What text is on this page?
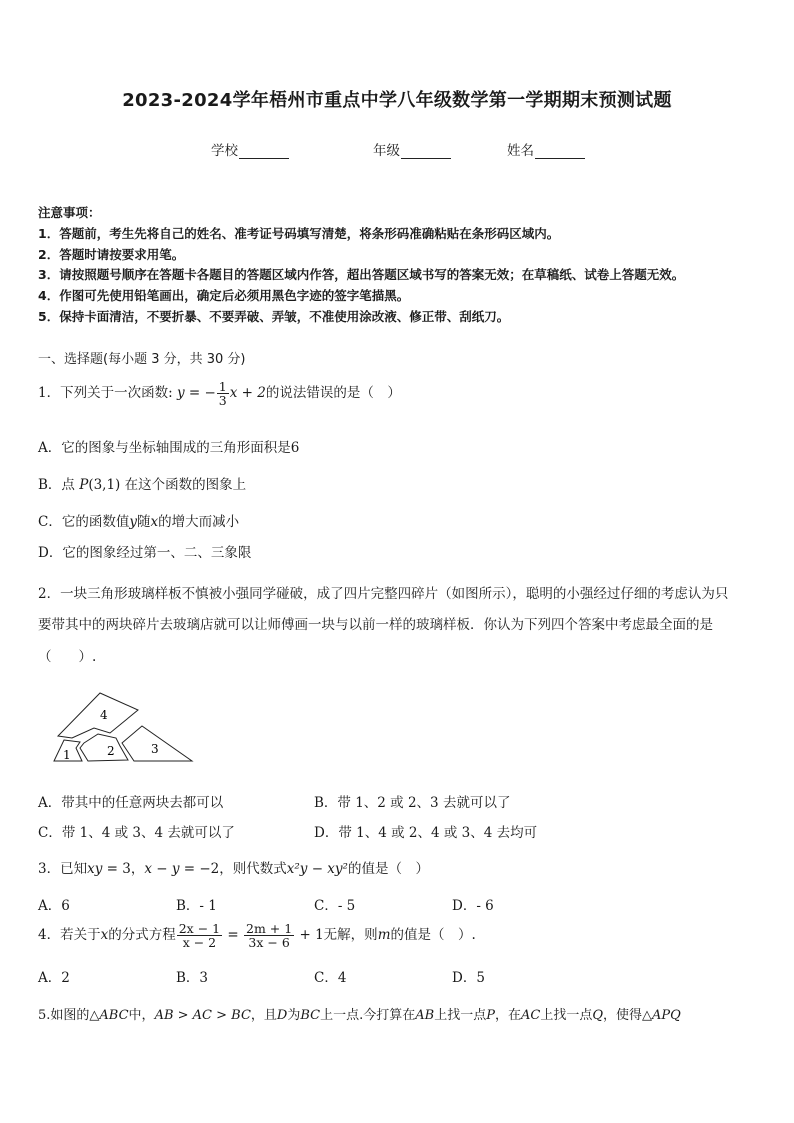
2023-2024学年梧州市重点中学八年级数学第一学期期末预测试题
学校	年级	姓名
注意事项：
1．答题前，考生先将自己的姓名、准考证号码填写清楚，将条形码准确粘贴在条形码区域内。
2．答题时请按要求用笔。
3．请按照题号顺序在答题卡各题目的答题区域内作答，超出答题区域书写的答案无效；在草稿纸、试卷上答题无效。
4．作图可先使用铅笔画出，确定后必须用黑色字迹的签字笔描黑。
5．保持卡面清洁，不要折暴、不要弄破、弄皱，不准使用涂改液、修正带、刮纸刀。
一、选择题(每小题 3 分，共 30 分)
1．下列关于一次函数: y = − $\frac{1}{3}$ x + 2的说法错误的是（　）
A．它的图象与坐标轴围成的三角形面积是6
B．点 P(3,1) 在这个函数的图象上
C．它的函数值y随x的增大而减小
D．它的图象经过第一、二、三象限
2．一块三角形玻璃样板不慎被小强同学碰破，成了四片完整四碎片（如图所示），聪明的小强经过仔细的考虑认为只
要带其中的两块碎片去玻璃店就可以让师傅画一块与以前一样的玻璃样板．你认为下列四个答案中考虑最全面的是
（　　）.
4
1	2	3
A．带其中的任意两块去都可以	B．带 1、2 或 2、3 去就可以了
C．带 1、4 或 3、4 去就可以了	D．带 1、4 或 2、4 或 3、4 去均可
3．已知xy = 3，x − y = −2，则代数式x²y − xy²的值是（　）
A．6	B．- 1	C．- 5	D．- 6
4．若关于x的分式方程 $\frac{2x - 1}{x - 2} = \frac{2m + 1}{3x - 6} + 1$无解，则m的值是（　）.
A．2	B．3	C．4	D．5
5.如图的△ABC中，AB > AC > BC，且D为BC上一点.今打算在AB上找一点P，在AC上找一点Q，使得△APQ
